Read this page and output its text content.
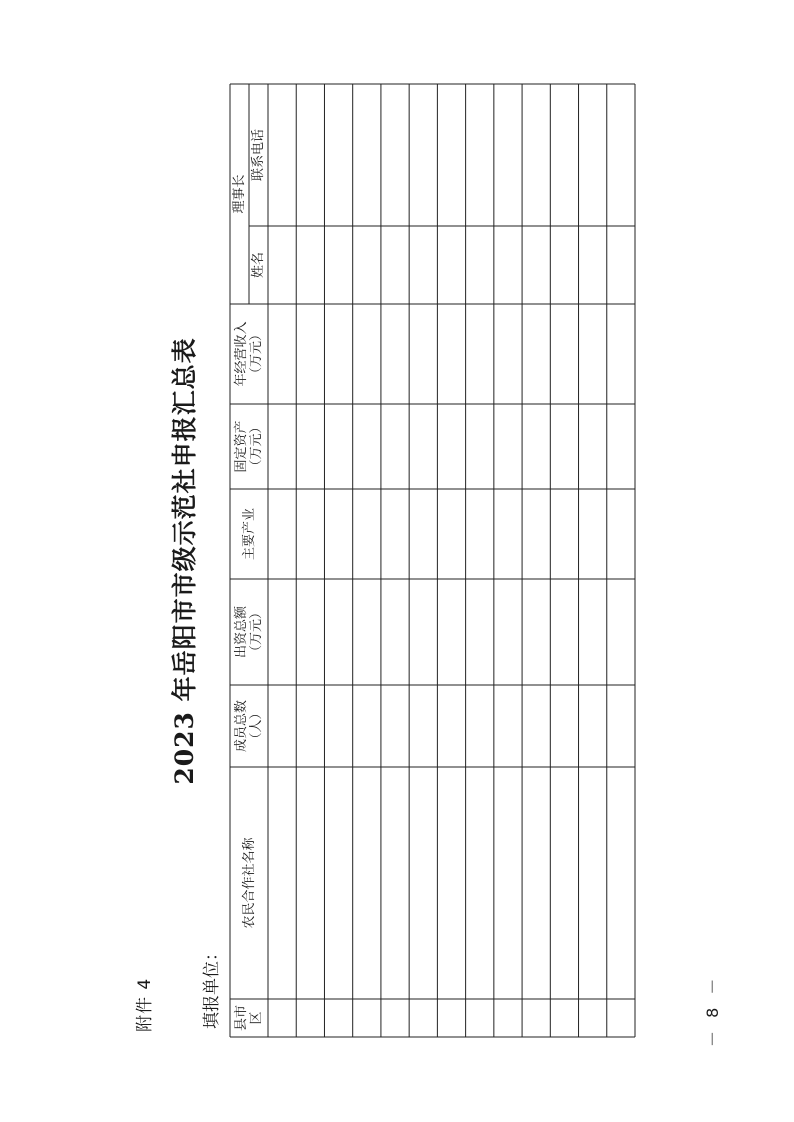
附件 4
2023 年岳阳市市级示范社申报汇总表
填报单位： 县市区
农民合作社名称
成员总数 （人）
出资总额 （万元）
主要产业
固定资产 （万元）
年经营收入 （万元）
理事长
姓名
联系电话
－ 8 －
